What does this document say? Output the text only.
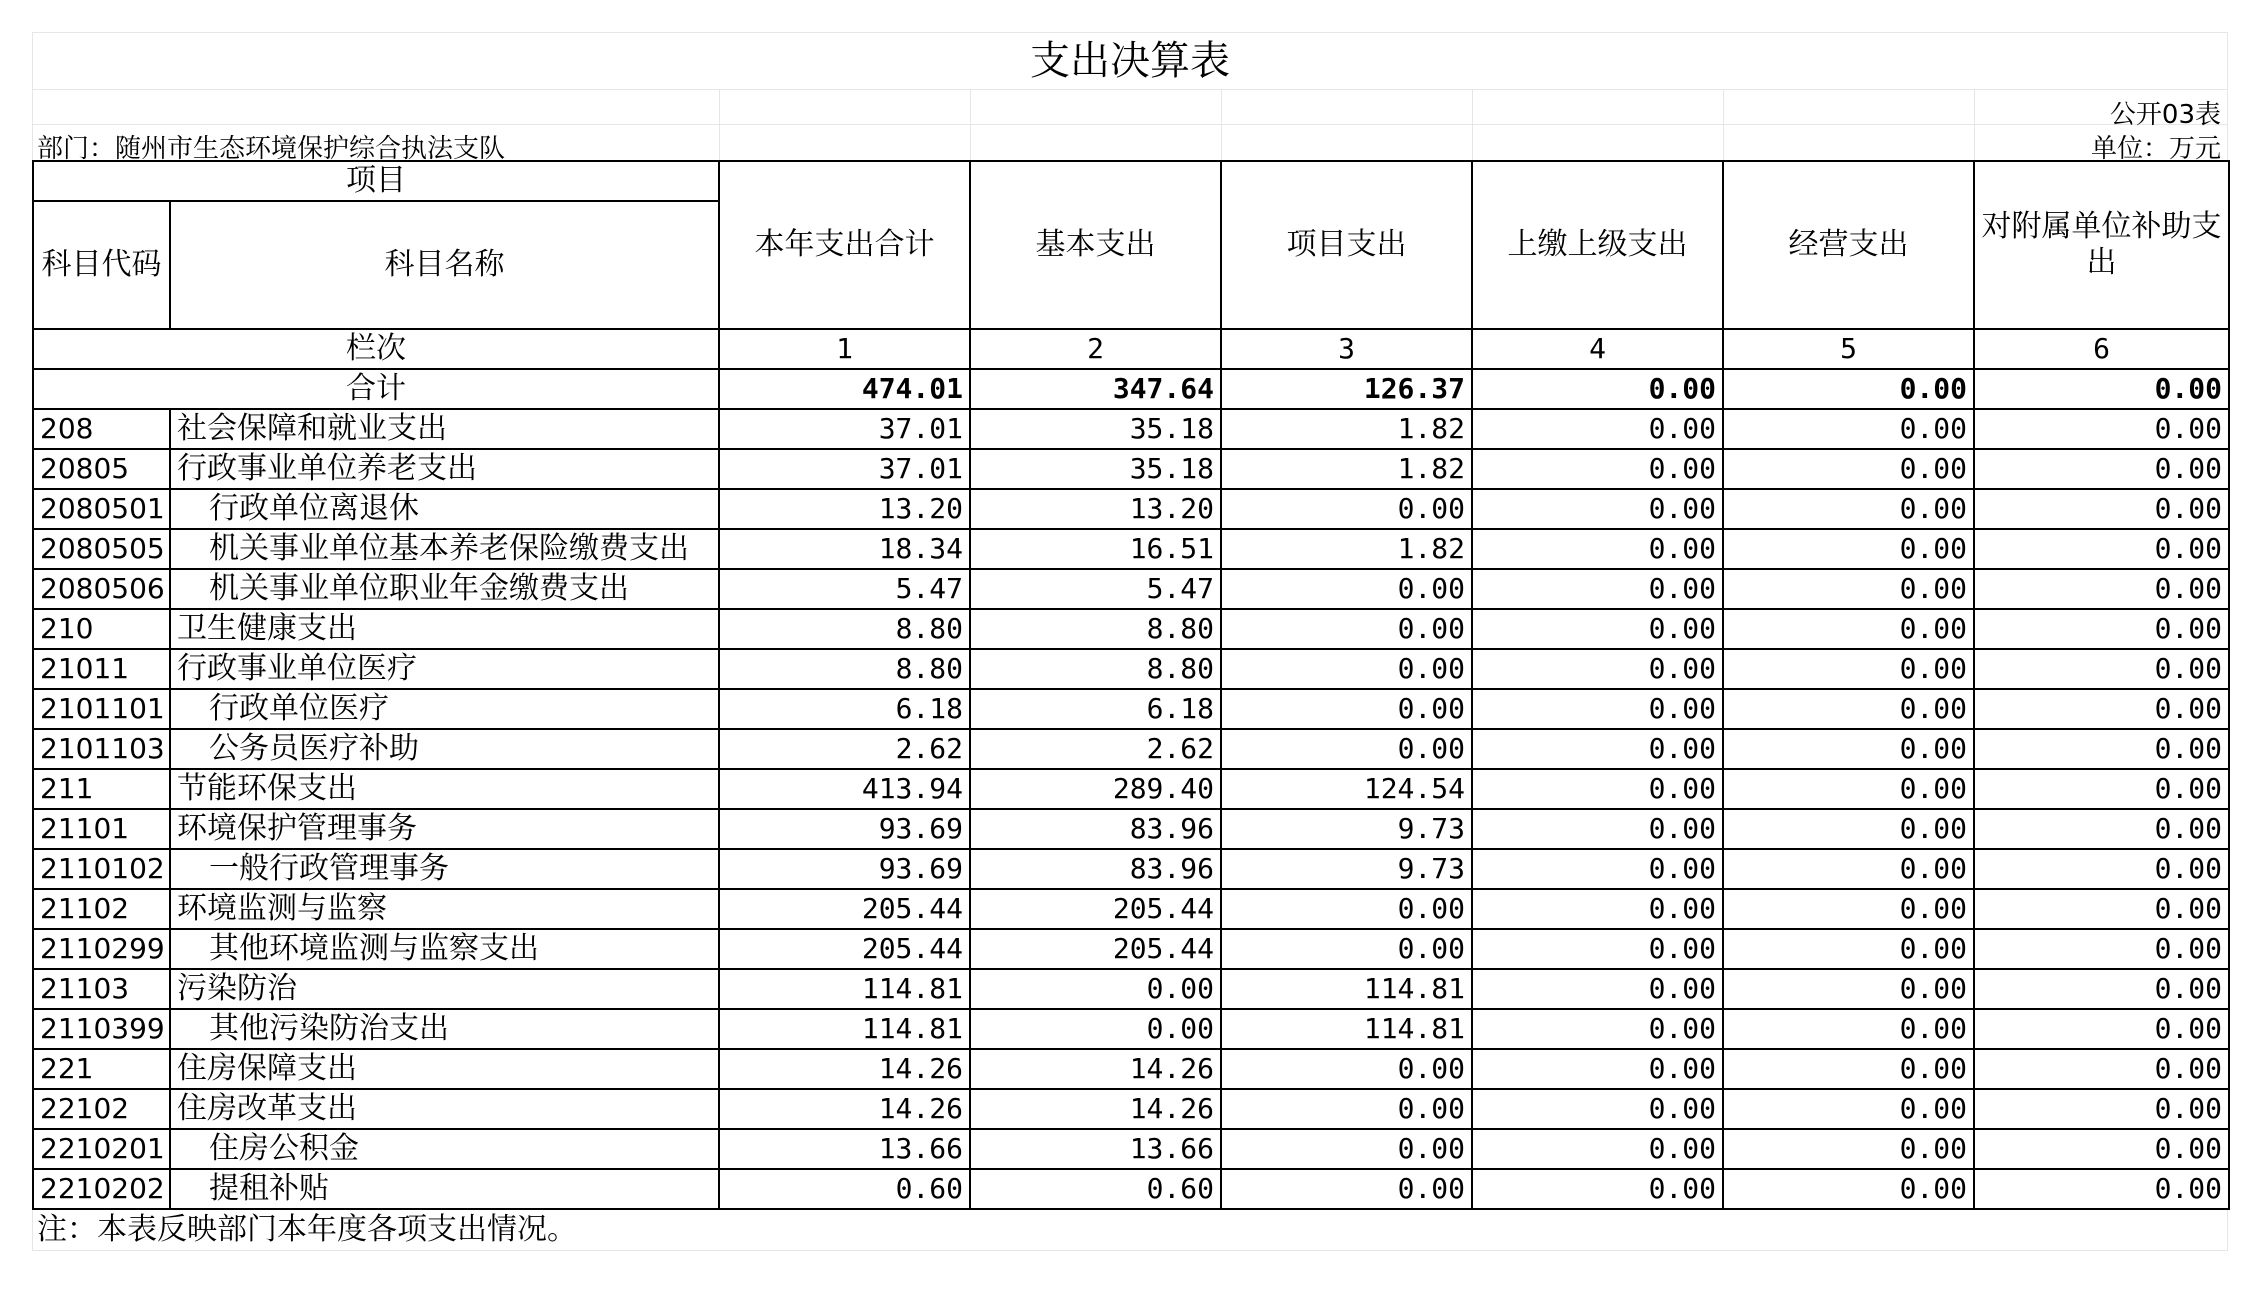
支出决算表
公开03表
部门：随州市生态环境保护综合执法支队	单位：万元
项目		本年支出合计	基本支出	项目支出	上缴上级支出	经营支出	对附属单位补助支出
科目代码	科目名称						
栏次		1	2	3	4	5	6
合计		474.01	347.64	126.37	0.00	0.00	0.00
208	社会保障和就业支出	37.01	35.18	1.82	0.00	0.00	0.00
20805	行政事业单位养老支出	37.01	35.18	1.82	0.00	0.00	0.00
2080501	行政单位离退休	13.20	13.20	0.00	0.00	0.00	0.00
2080505	机关事业单位基本养老保险缴费支出	18.34	16.51	1.82	0.00	0.00	0.00
2080506	机关事业单位职业年金缴费支出	5.47	5.47	0.00	0.00	0.00	0.00
210	卫生健康支出	8.80	8.80	0.00	0.00	0.00	0.00
21011	行政事业单位医疗	8.80	8.80	0.00	0.00	0.00	0.00
2101101	行政单位医疗	6.18	6.18	0.00	0.00	0.00	0.00
2101103	公务员医疗补助	2.62	2.62	0.00	0.00	0.00	0.00
211	节能环保支出	413.94	289.40	124.54	0.00	0.00	0.00
21101	环境保护管理事务	93.69	83.96	9.73	0.00	0.00	0.00
2110102	一般行政管理事务	93.69	83.96	9.73	0.00	0.00	0.00
21102	环境监测与监察	205.44	205.44	0.00	0.00	0.00	0.00
2110299	其他环境监测与监察支出	205.44	205.44	0.00	0.00	0.00	0.00
21103	污染防治	114.81	0.00	114.81	0.00	0.00	0.00
2110399	其他污染防治支出	114.81	0.00	114.81	0.00	0.00	0.00
221	住房保障支出	14.26	14.26	0.00	0.00	0.00	0.00
22102	住房改革支出	14.26	14.26	0.00	0.00	0.00	0.00
2210201	住房公积金	13.66	13.66	0.00	0.00	0.00	0.00
2210202	提租补贴	0.60	0.60	0.00	0.00	0.00	0.00
注：本表反映部门本年度各项支出情况。
